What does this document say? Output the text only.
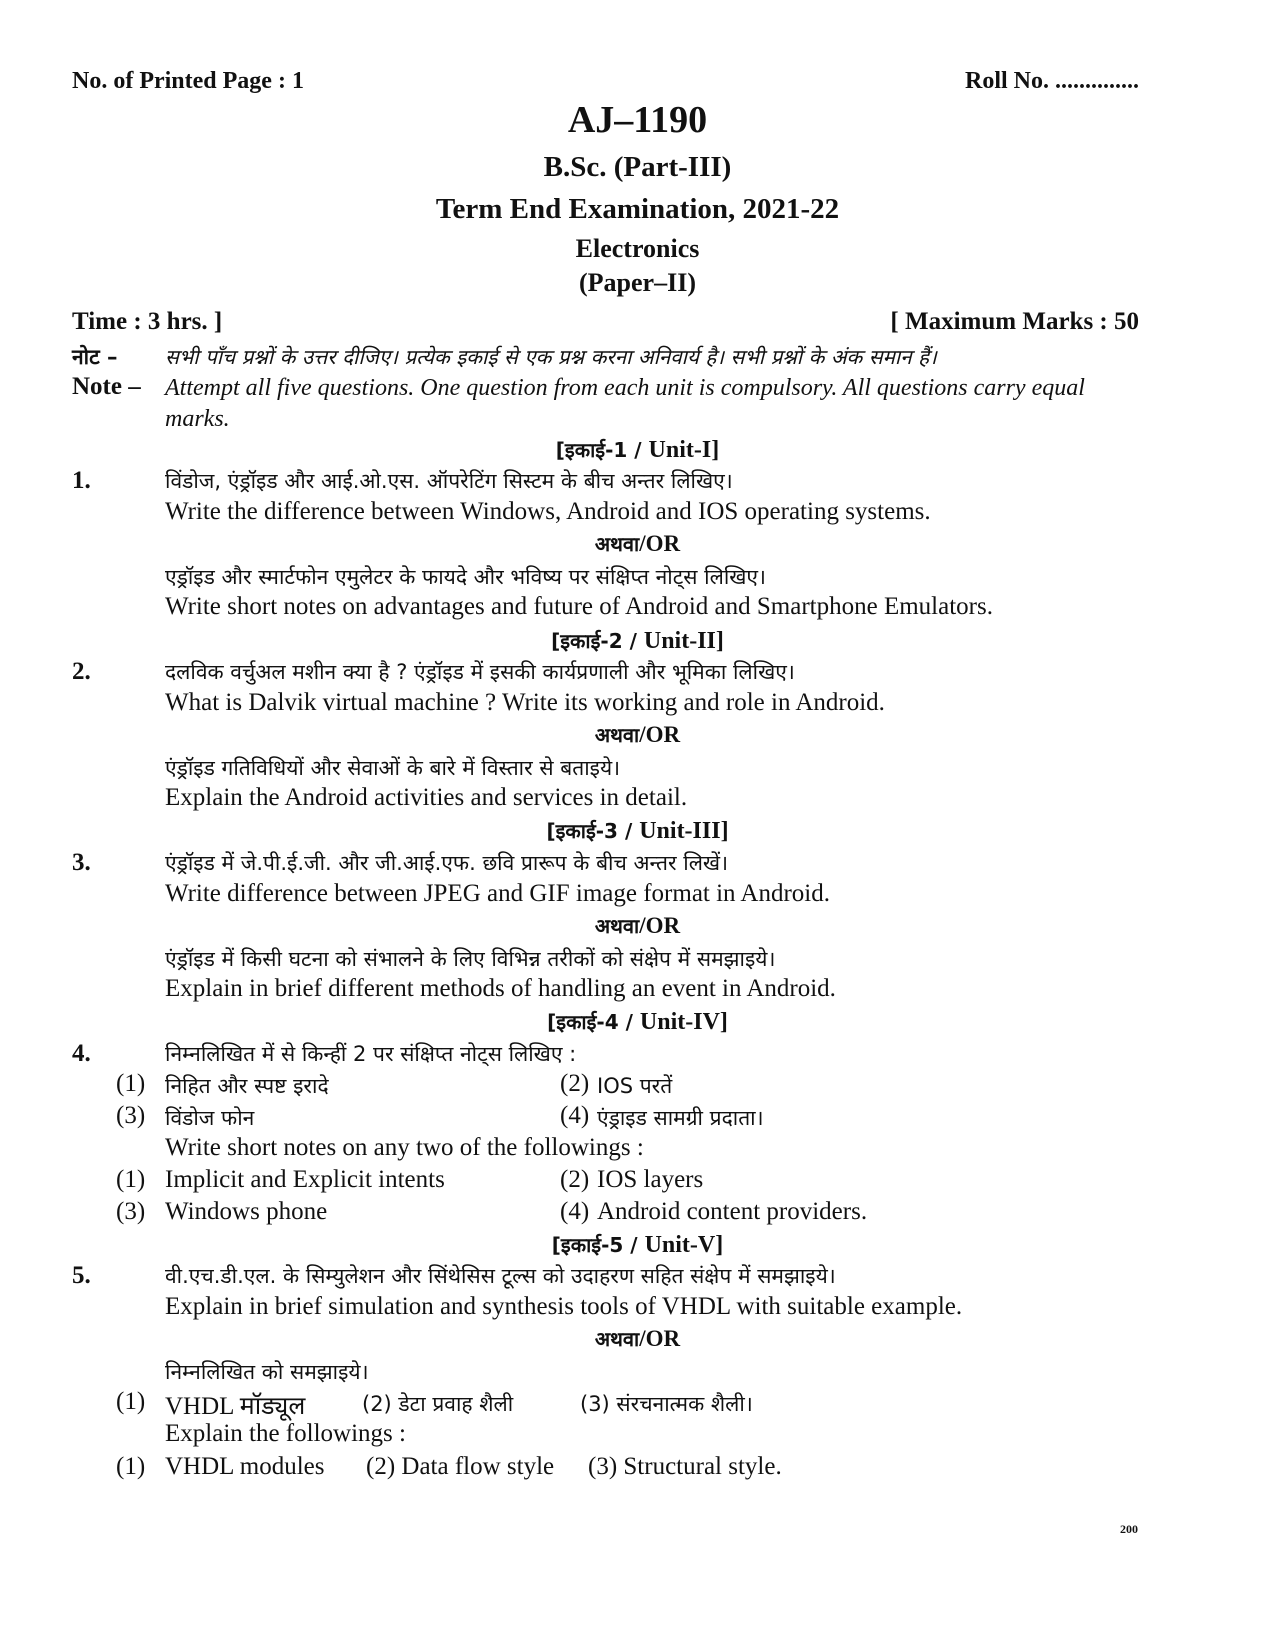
No. of Printed Page : 1	Roll No. ..............
AJ–1190
B.Sc. (Part-III)
Term End Examination, 2021-22
Electronics
(Paper–II)
Time : 3 hrs. ]	[ Maximum Marks : 50
नोट – सभी पाँच प्रश्नों के उत्तर दीजिए। प्रत्येक इकाई से एक प्रश्न करना अनिवार्य है। सभी प्रश्नों के अंक समान हैं।
Note – Attempt all five questions. One question from each unit is compulsory. All questions carry equal
marks.
[इकाई-1 / Unit-I]
1.	विंडोज, एंड्रॉइड और आई.ओ.एस. ऑपरेटिंग सिस्टम के बीच अन्तर लिखिए।
Write the difference between Windows, Android and IOS operating systems.
अथवा/OR
एड्रॉइड और स्मार्टफोन एमुलेटर के फायदे और भविष्य पर संक्षिप्त नोट्स लिखिए।
Write short notes on advantages and future of Android and Smartphone Emulators.
[इकाई-2 / Unit-II]
2.	दलविक वर्चुअल मशीन क्या है ? एंड्रॉइड में इसकी कार्यप्रणाली और भूमिका लिखिए।
What is Dalvik virtual machine ? Write its working and role in Android.
अथवा/OR
एंड्रॉइड गतिविधियों और सेवाओं के बारे में विस्तार से बताइये।
Explain the Android activities and services in detail.
[इकाई-3 / Unit-III]
3.	एंड्रॉइड में जे.पी.ई.जी. और जी.आई.एफ. छवि प्रारूप के बीच अन्तर लिखें।
Write difference between JPEG and GIF image format in Android.
अथवा/OR
एंड्रॉइड में किसी घटना को संभालने के लिए विभिन्न तरीकों को संक्षेप में समझाइये।
Explain in brief different methods of handling an event in Android.
[इकाई-4 / Unit-IV]
4.	निम्नलिखित में से किन्हीं 2 पर संक्षिप्त नोट्स लिखिए :
(1) निहित और स्पष्ट इरादे	(2) IOS परतें
(3) विंडोज फोन	(4) एंड्राइड सामग्री प्रदाता।
Write short notes on any two of the followings :
(1) Implicit and Explicit intents	(2) IOS layers
(3) Windows phone	(4) Android content providers.
[इकाई-5 / Unit-V]
5.	वी.एच.डी.एल. के सिम्युलेशन और सिंथेसिस टूल्स को उदाहरण सहित संक्षेप में समझाइये।
Explain in brief simulation and synthesis tools of VHDL with suitable example.
अथवा/OR
निम्नलिखित को समझाइये।
(1) VHDL मॉड्यूल	(2) डेटा प्रवाह शैली	(3) संरचनात्मक शैली।
Explain the followings :
(1) VHDL modules (2) Data flow style (3) Structural style.
200
